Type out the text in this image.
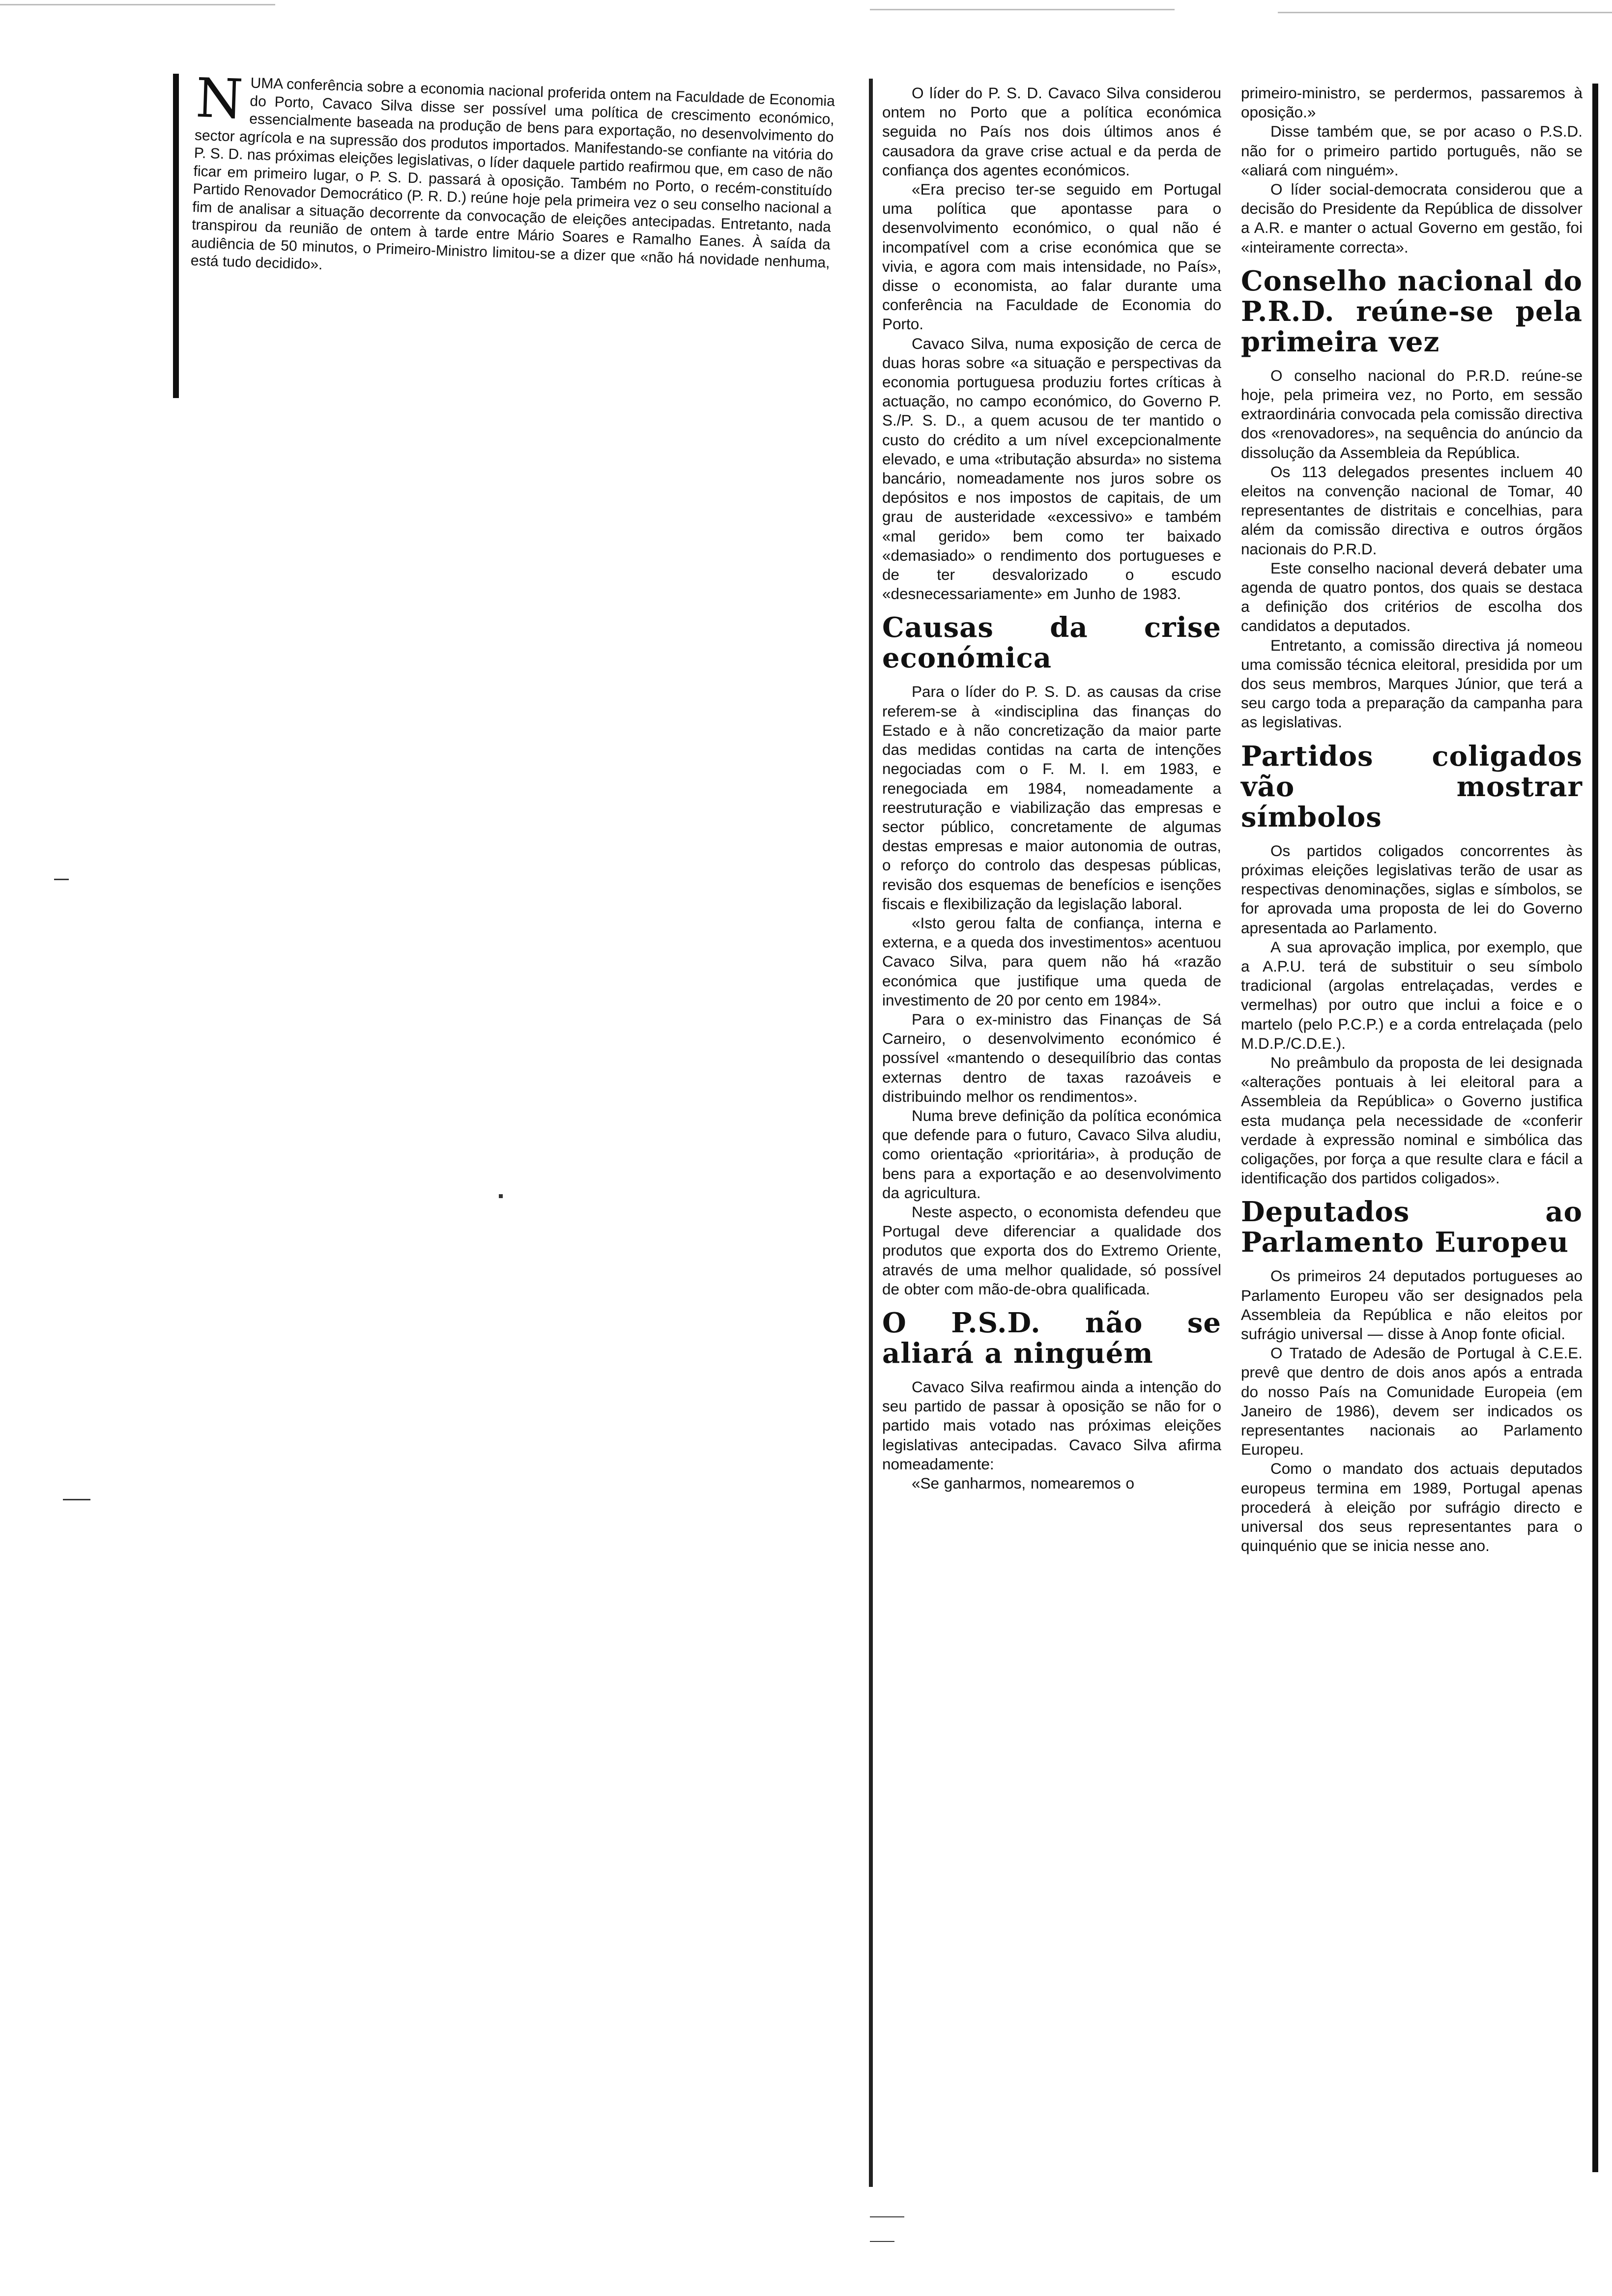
N UMA conferência sobre a economia nacional proferida ontem na Faculdade de Economia do Porto, Cavaco Silva disse ser possível uma política de crescimento económico, essencialmente baseada na produção de bens para exportação, no desenvolvimento do sector agrícola e na supressão dos produtos importados. Manifestando-se confiante na vitória do P. S. D. nas próximas eleições legislativas, o líder daquele partido reafirmou que, em caso de não ficar em primeiro lugar, o P. S. D. passará à oposição. Também no Porto, o recém-constituído Partido Renovador Democrático (P. R. D.) reúne hoje pela primeira vez o seu conselho nacional a fim de analisar a situação decorrente da convocação de eleições antecipadas. Entretanto, nada transpirou da reunião de ontem à tarde entre Mário Soares e Ramalho Eanes. À saída da audiência de 50 minutos, o Primeiro-Ministro limitou-se a dizer que «não há novidade nenhuma, está tudo decidido».

O líder do P. S. D. Cavaco Silva considerou ontem no Porto que a política económica seguida no País nos dois últimos anos é causadora da grave crise actual e da perda de confiança dos agentes económicos.

«Era preciso ter-se seguido em Portugal uma política que apontasse para o desenvolvimento económico, o qual não é incompatível com a crise económica que se vivia, e agora com mais intensidade, no País», disse o economista, ao falar durante uma conferência na Faculdade de Economia do Porto.

Cavaco Silva, numa exposição de cerca de duas horas sobre «a situação e perspectivas da economia portuguesa produziu fortes críticas à actuação, no campo económico, do Governo P. S./P. S. D., a quem acusou de ter mantido o custo do crédito a um nível excepcionalmente elevado, e uma «tributação absurda» no sistema bancário, nomeadamente nos juros sobre os depósitos e nos impostos de capitais, de um grau de austeridade «excessivo» e também «mal gerido» bem como ter baixado «demasiado» o rendimento dos portugueses e de ter desvalorizado o escudo «desnecessariamente» em Junho de 1983.

Causas da crise económica

Para o líder do P. S. D. as causas da crise referem-se à «indisciplina das finanças do Estado e à não concretização da maior parte das medidas contidas na carta de intenções negociadas com o F. M. I. em 1983, e renegociada em 1984, nomeadamente a reestruturação e viabilização das empresas e sector público, concretamente de algumas destas empresas e maior autonomia de outras, o reforço do controlo das despesas públicas, revisão dos esquemas de benefícios e isenções fiscais e flexibilização da legislação laboral.

«Isto gerou falta de confiança, interna e externa, e a queda dos investimentos» acentuou Cavaco Silva, para quem não há «razão económica que justifique uma queda de investimento de 20 por cento em 1984».

Para o ex-ministro das Finanças de Sá Carneiro, o desenvolvimento económico é possível «mantendo o desequilíbrio das contas externas dentro de taxas razoáveis e distribuindo melhor os rendimentos».

Numa breve definição da política económica que defende para o futuro, Cavaco Silva aludiu, como orientação «prioritária», à produção de bens para a exportação e ao desenvolvimento da agricultura.

Neste aspecto, o economista defendeu que Portugal deve diferenciar a qualidade dos produtos que exporta dos do Extremo Oriente, através de uma melhor qualidade, só possível de obter com mão-de-obra qualificada.

O P.S.D. não se aliará a ninguém

Cavaco Silva reafirmou ainda a intenção do seu partido de passar à oposição se não for o partido mais votado nas próximas eleições legislativas antecipadas. Cavaco Silva afirma nomeadamente:

«Se ganharmos, nomearemos o

primeiro-ministro, se perdermos, passaremos à oposição.»

Disse também que, se por acaso o P.S.D. não for o primeiro partido português, não se «aliará com ninguém».

O líder social-democrata considerou que a decisão do Presidente da República de dissolver a A.R. e manter o actual Governo em gestão, foi «inteiramente correcta».

Conselho nacional do P.R.D. reúne-se pela primeira vez

O conselho nacional do P.R.D. reúne-se hoje, pela primeira vez, no Porto, em sessão extraordinária convocada pela comissão directiva dos «renovadores», na sequência do anúncio da dissolução da Assembleia da República.

Os 113 delegados presentes incluem 40 eleitos na convenção nacional de Tomar, 40 representantes de distritais e concelhias, para além da comissão directiva e outros órgãos nacionais do P.R.D.

Este conselho nacional deverá debater uma agenda de quatro pontos, dos quais se destaca a definição dos critérios de escolha dos candidatos a deputados.

Entretanto, a comissão directiva já nomeou uma comissão técnica eleitoral, presidida por um dos seus membros, Marques Júnior, que terá a seu cargo toda a preparação da campanha para as legislativas.

Partidos coligados vão mostrar símbolos

Os partidos coligados concorrentes às próximas eleições legislativas terão de usar as respectivas denominações, siglas e símbolos, se for aprovada uma proposta de lei do Governo apresentada ao Parlamento.

A sua aprovação implica, por exemplo, que a A.P.U. terá de substituir o seu símbolo tradicional (argolas entrelaçadas, verdes e vermelhas) por outro que inclui a foice e o martelo (pelo P.C.P.) e a corda entrelaçada (pelo M.D.P./C.D.E.).

No preâmbulo da proposta de lei designada «alterações pontuais à lei eleitoral para a Assembleia da República» o Governo justifica esta mudança pela necessidade de «conferir verdade à expressão nominal e simbólica das coligações, por força a que resulte clara e fácil a identificação dos partidos coligados».

Deputados ao Parlamento Europeu

Os primeiros 24 deputados portugueses ao Parlamento Europeu vão ser designados pela Assembleia da República e não eleitos por sufrágio universal — disse à Anop fonte oficial.

O Tratado de Adesão de Portugal à C.E.E. prevê que dentro de dois anos após a entrada do nosso País na Comunidade Europeia (em Janeiro de 1986), devem ser indicados os representantes nacionais ao Parlamento Europeu.

Como o mandato dos actuais deputados europeus termina em 1989, Portugal apenas procederá à eleição por sufrágio directo e universal dos seus representantes para o quinquénio que se inicia nesse ano.
